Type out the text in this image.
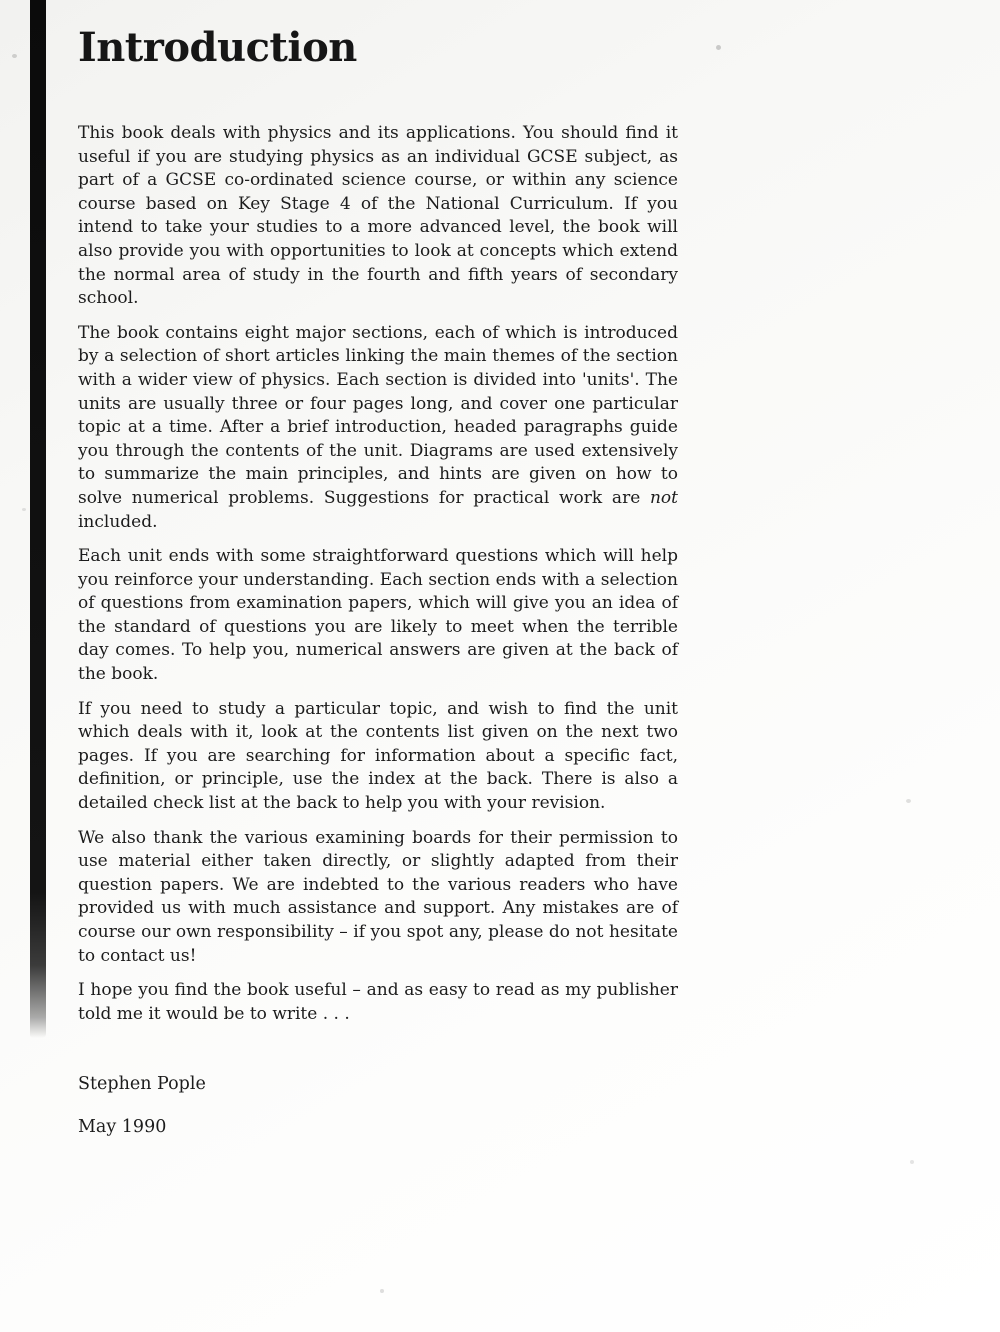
Introduction

This book deals with physics and its applications. You should find it useful if you are studying physics as an individual GCSE subject, as part of a GCSE co-ordinated science course, or within any science course based on Key Stage 4 of the National Curriculum. If you intend to take your studies to a more advanced level, the book will also provide you with opportunities to look at concepts which extend the normal area of study in the fourth and fifth years of secondary school.

The book contains eight major sections, each of which is introduced by a selection of short articles linking the main themes of the section with a wider view of physics. Each section is divided into 'units'. The units are usually three or four pages long, and cover one particular topic at a time. After a brief introduction, headed paragraphs guide you through the contents of the unit. Diagrams are used extensively to summarize the main principles, and hints are given on how to solve numerical problems. Suggestions for practical work are not included.

Each unit ends with some straightforward questions which will help you reinforce your understanding. Each section ends with a selection of questions from examination papers, which will give you an idea of the standard of questions you are likely to meet when the terrible day comes. To help you, numerical answers are given at the back of the book.

If you need to study a particular topic, and wish to find the unit which deals with it, look at the contents list given on the next two pages. If you are searching for information about a specific fact, definition, or principle, use the index at the back. There is also a detailed check list at the back to help you with your revision.

We also thank the various examining boards for their permission to use material either taken directly, or slightly adapted from their question papers. We are indebted to the various readers who have provided us with much assistance and support. Any mistakes are of course our own responsibility – if you spot any, please do not hesitate to contact us!

I hope you find the book useful – and as easy to read as my publisher told me it would be to write . . .

Stephen Pople

May 1990
